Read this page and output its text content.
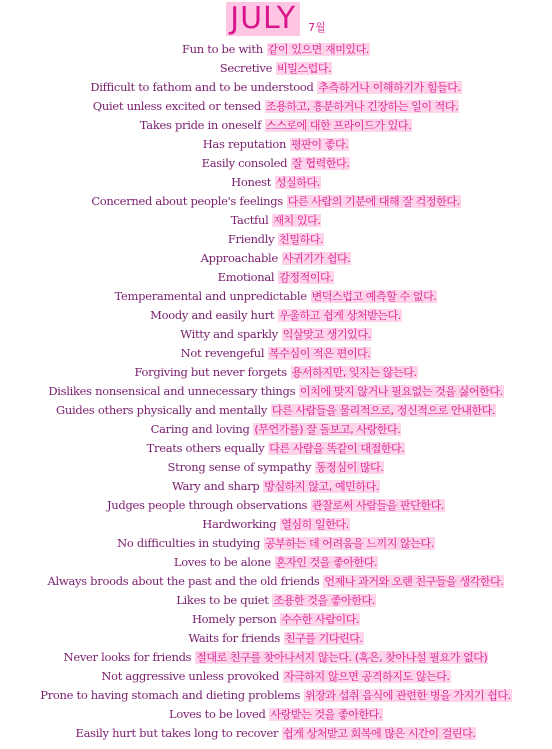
JULY 7월
Fun to be with 같이 있으면 재미있다.
Secretive 비밀스럽다.
Difficult to fathom and to be understood 추측하거나 이해하기가 힘들다.
Quiet unless excited or tensed 조용하고, 흥분하거나 긴장하는 일이 적다.
Takes pride in oneself 스스로에 대한 프라이드가 있다.
Has reputation 평판이 좋다.
Easily consoled 잘 협력한다.
Honest 성실하다.
Concerned about people's feelings 다른 사람의 기분에 대해 잘 걱정한다.
Tactful 재치 있다.
Friendly 친밀하다.
Approachable 사귀기가 쉽다.
Emotional 감정적이다.
Temperamental and unpredictable 변덕스럽고 예측할 수 없다.
Moody and easily hurt 우울하고 쉽게 상처받는다.
Witty and sparkly 익살맞고 생기있다.
Not revengeful 복수심이 적은 편이다.
Forgiving but never forgets 용서하지만, 잊지는 않는다.
Dislikes nonsensical and unnecessary things 이치에 맞지 않거나 필요없는 것을 싫어한다.
Guides others physically and mentally 다른 사람들을 물리적으로, 정신적으로 안내한다.
Caring and loving (무언가를) 잘 돌보고, 사랑한다.
Treats others equally 다른 사람을 똑같이 대접한다.
Strong sense of sympathy 동정심이 많다.
Wary and sharp 방심하지 않고, 예민하다.
Judges people through observations 관찰로써 사람들을 판단한다.
Hardworking 열심히 일한다.
No difficulties in studying 공부하는 데 어려움을 느끼지 않는다.
Loves to be alone 혼자인 것을 좋아한다.
Always broods about the past and the old friends 언제나 과거와 오랜 친구들을 생각한다.
Likes to be quiet 조용한 것을 좋아한다.
Homely person 수수한 사람이다.
Waits for friends 친구를 기다린다.
Never looks for friends 절대로 친구를 찾아나서지 않는다. (혹은, 찾아나설 필요가 없다)
Not aggressive unless provoked 자극하지 않으면 공격하지도 않는다.
Prone to having stomach and dieting problems 위장과 섭취 음식에 관련한 병을 가지기 쉽다.
Loves to be loved 사랑받는 것을 좋아한다.
Easily hurt but takes long to recover 쉽게 상처받고 회복에 많은 시간이 걸린다.
